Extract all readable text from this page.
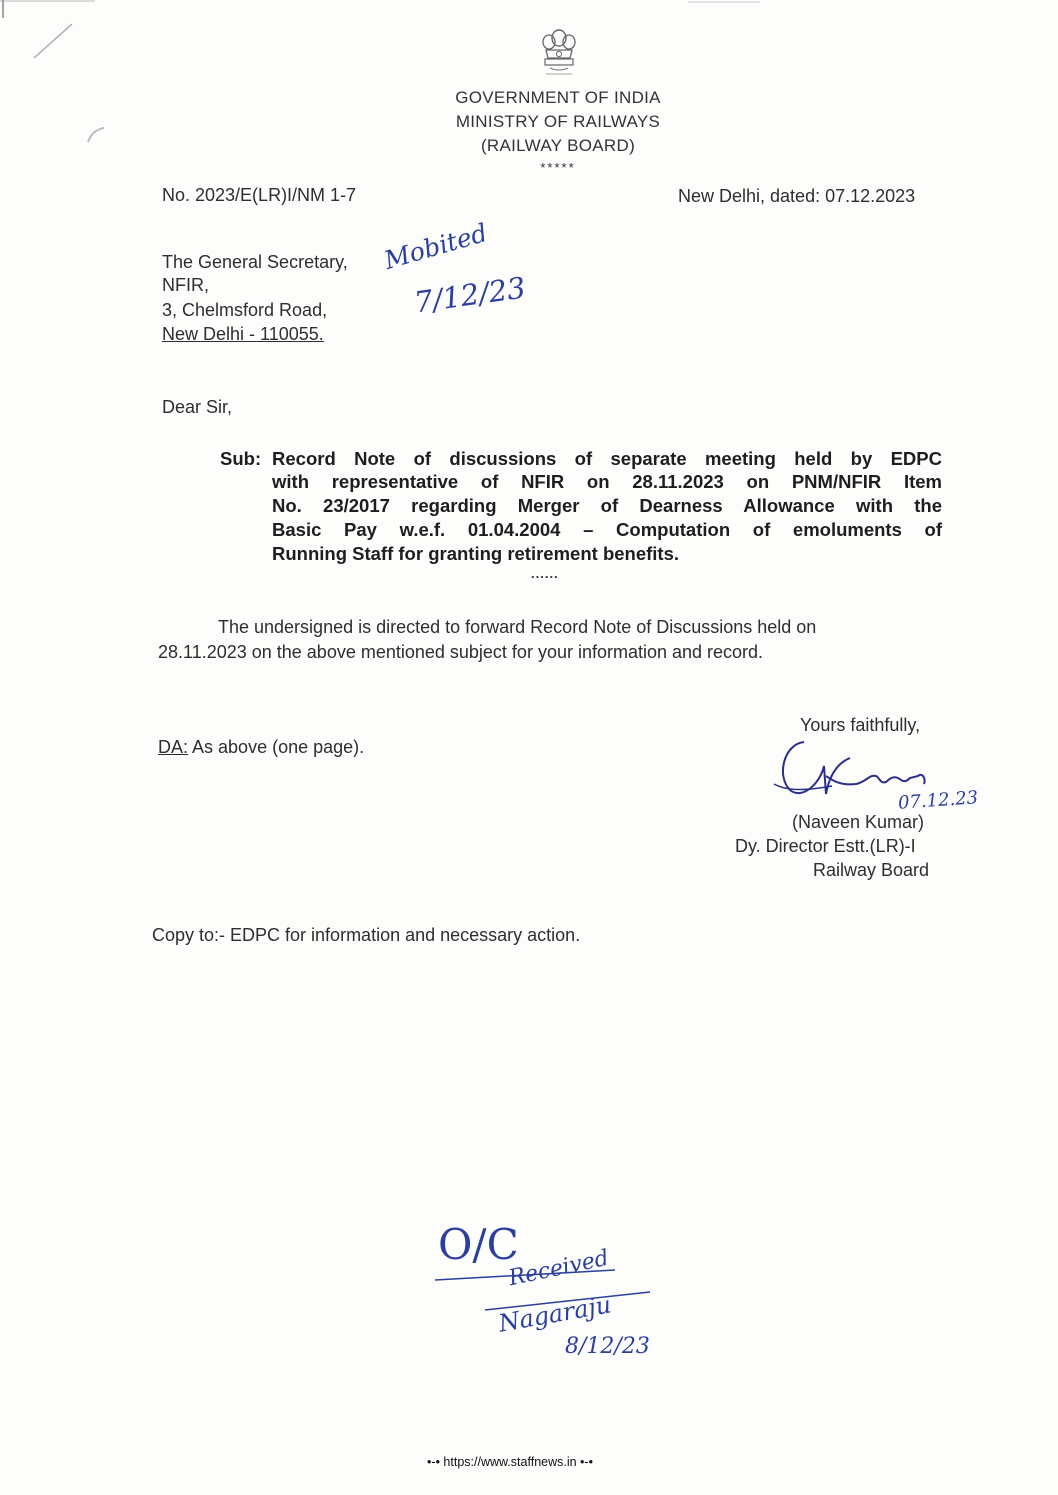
GOVERNMENT OF INDIA
MINISTRY OF RAILWAYS
(RAILWAY BOARD)
*****
No. 2023/E(LR)I/NM 1-7	New Delhi, dated: 07.12.2023
The General Secretary,
NFIR,
3, Chelmsford Road,
New Delhi - 110055.
Mobited
7/12/23
Dear Sir,
Sub: Record Note of discussions of separate meeting held by EDPC
with representative of NFIR on 28.11.2023 on PNM/NFIR Item
No. 23/2017 regarding Merger of Dearness Allowance with the
Basic Pay w.e.f. 01.04.2004 – Computation of emoluments of
Running Staff for granting retirement benefits.
......
The undersigned is directed to forward Record Note of Discussions held on
28.11.2023 on the above mentioned subject for your information and record.
Yours faithfully,
DA: As above (one page).
07.12.23
(Naveen Kumar)
Dy. Director Estt.(LR)-I
Railway Board
Copy to:- EDPC for information and necessary action.
O/C
Received
Nagaraju
8/12/23
•-• https://www.staffnews.in •-•
